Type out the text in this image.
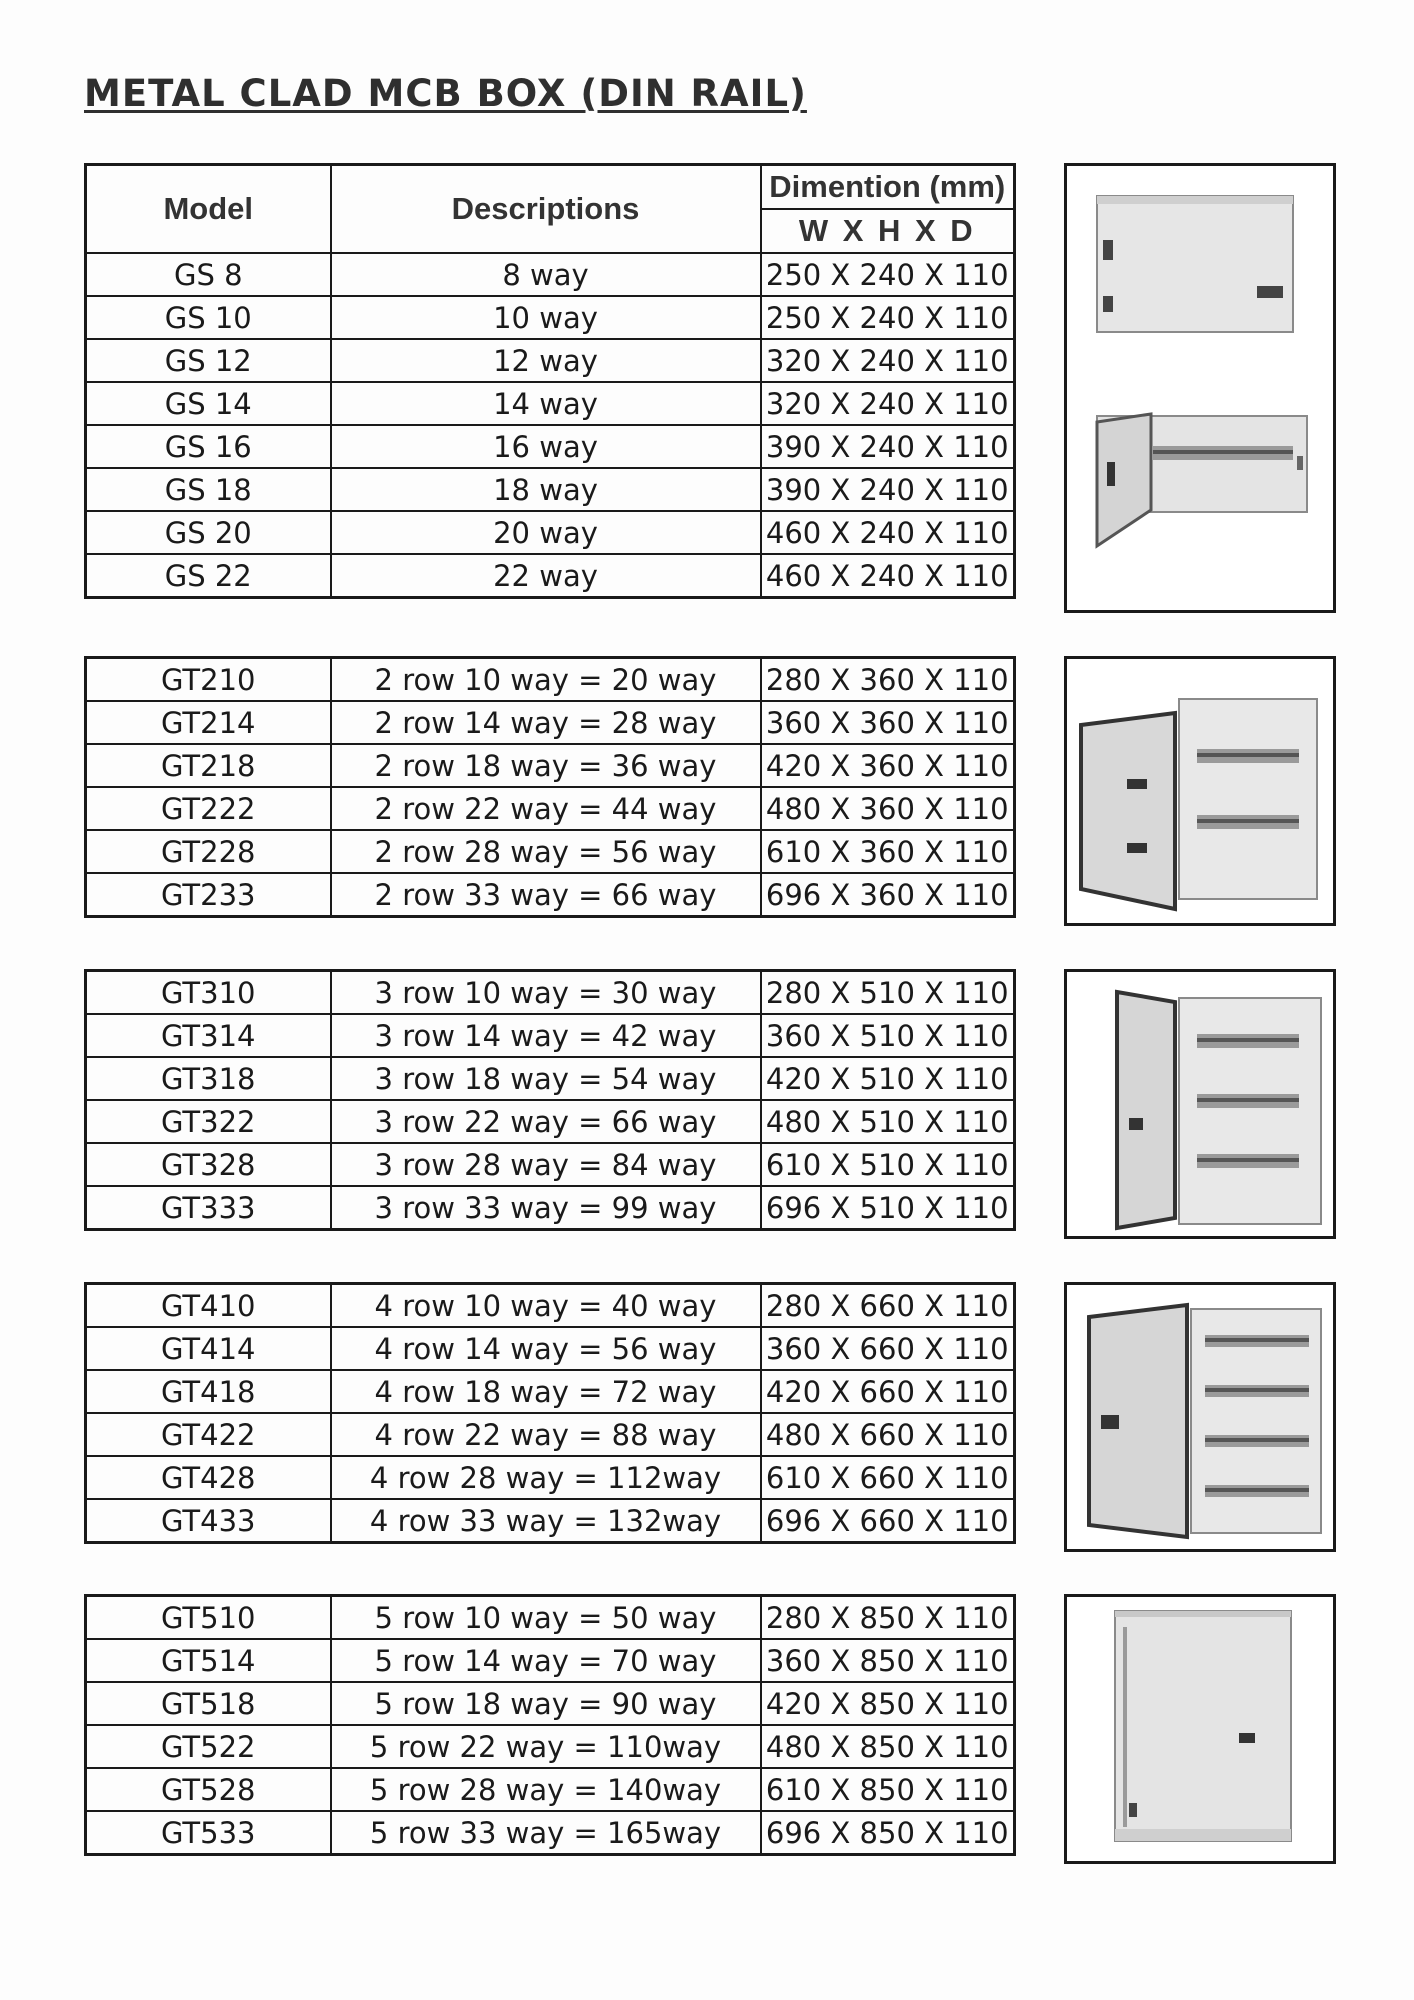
METAL CLAD MCB BOX (DIN RAIL)
Model	Descriptions	Dimention (mm)
		W X H X D
GS 8	8 way	250 X 240 X 110
GS 10	10 way	250 X 240 X 110
GS 12	12 way	320 X 240 X 110
GS 14	14 way	320 X 240 X 110
GS 16	16 way	390 X 240 X 110
GS 18	18 way	390 X 240 X 110
GS 20	20 way	460 X 240 X 110
GS 22	22 way	460 X 240 X 110
GT210	2 row 10 way = 20 way	280 X 360 X 110
GT214	2 row 14 way = 28 way	360 X 360 X 110
GT218	2 row 18 way = 36 way	420 X 360 X 110
GT222	2 row 22 way = 44 way	480 X 360 X 110
GT228	2 row 28 way = 56 way	610 X 360 X 110
GT233	2 row 33 way = 66 way	696 X 360 X 110
GT310	3 row 10 way = 30 way	280 X 510 X 110
GT314	3 row 14 way = 42 way	360 X 510 X 110
GT318	3 row 18 way = 54 way	420 X 510 X 110
GT322	3 row 22 way = 66 way	480 X 510 X 110
GT328	3 row 28 way = 84 way	610 X 510 X 110
GT333	3 row 33 way = 99 way	696 X 510 X 110
GT410	4 row 10 way = 40 way	280 X 660 X 110
GT414	4 row 14 way = 56 way	360 X 660 X 110
GT418	4 row 18 way = 72 way	420 X 660 X 110
GT422	4 row 22 way = 88 way	480 X 660 X 110
GT428	4 row 28 way = 112way	610 X 660 X 110
GT433	4 row 33 way = 132way	696 X 660 X 110
GT510	5 row 10 way = 50 way	280 X 850 X 110
GT514	5 row 14 way = 70 way	360 X 850 X 110
GT518	5 row 18 way = 90 way	420 X 850 X 110
GT522	5 row 22 way = 110way	480 X 850 X 110
GT528	5 row 28 way = 140way	610 X 850 X 110
GT533	5 row 33 way = 165way	696 X 850 X 110
